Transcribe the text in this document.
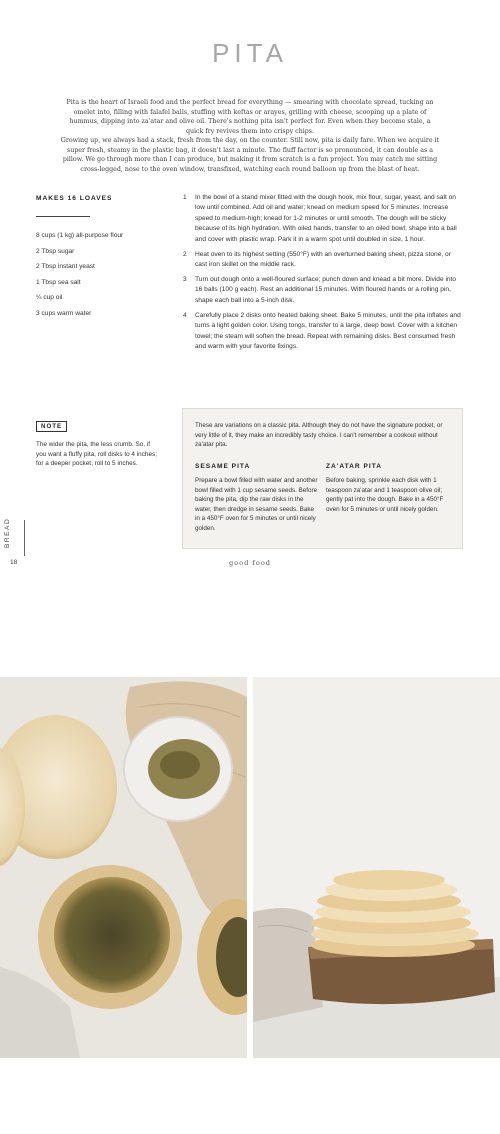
PITA

Pita is the heart of Israeli food and the perfect bread for everything — smearing with chocolate spread, tucking an omelet into, filling with falafel balls, stuffing with keftas or arayes, grilling with cheese, scooping up a plate of hummus, dipping into za'atar and olive oil. There's nothing pita isn't perfect for. Even when they become stale, a quick fry revives them into crispy chips.

Growing up, we always had a stack, fresh from the day, on the counter. Still now, pita is daily fare. When we acquire it super fresh, steamy in the plastic bag, it doesn't last a minute. The fluff factor is so pronounced, it can double as a pillow. We go through more than I can produce, but making it from scratch is a fun project. You may catch me sitting cross-legged, nose to the oven window, transfixed, watching each round balloon up from the blast of heat.

MAKES 16 LOAVES

8 cups (1 kg) all-purpose flour
2 Tbsp sugar
2 Tbsp instant yeast
1 Tbsp sea salt
¼ cup oil
3 cups warm water
1 In the bowl of a stand mixer fitted with the dough hook, mix flour, sugar, yeast, and salt on low until combined. Add oil and water; knead on medium speed for 5 minutes. Increase speed to medium-high; knead for 1-2 minutes or until smooth. The dough will be sticky because of its high hydration. With oiled hands, transfer to an oiled bowl; shape into a ball and cover with plastic wrap. Park it in a warm spot until doubled in size, 1 hour.
2 Heat oven to its highest setting (550°F) with an overturned baking sheet, pizza stone, or cast iron skillet on the middle rack.
3 Turn out dough onto a well-floured surface; punch down and knead a bit more. Divide into 16 balls (100 g each). Rest an additional 15 minutes. With floured hands or a rolling pin, shape each ball into a 5-inch disk.
4 Carefully place 2 disks onto heated baking sheet. Bake 5 minutes, until the pita inflates and turns a light golden color. Using tongs, transfer to a large, deep bowl. Cover with a kitchen towel; the steam will soften the bread. Repeat with remaining disks. Best consumed fresh and warm with your favorite fixings.
NOTE

The wider the pita, the less crumb. So, if you want a fluffy pita, roll disks to 4 inches; for a deeper pocket, roll to 5 inches.

These are variations on a classic pita. Although they do not have the signature pocket, or very little of it, they make an incredibly tasty choice. I can't remember a cookout without za'atar pita.

SESAME PITA

Prepare a bowl filled with water and another bowl filled with 1 cup sesame seeds. Before baking the pita, dip the raw disks in the water, then dredge in sesame seeds. Bake in a 450°F oven for 5 minutes or until nicely golden.

ZA'ATAR PITA

Before baking, sprinkle each disk with 1 teaspoon za'atar and 1 teaspoon olive oil; gently pat into the dough. Bake in a 450°F oven for 5 minutes or until nicely golden.

BREAD
18	good food
